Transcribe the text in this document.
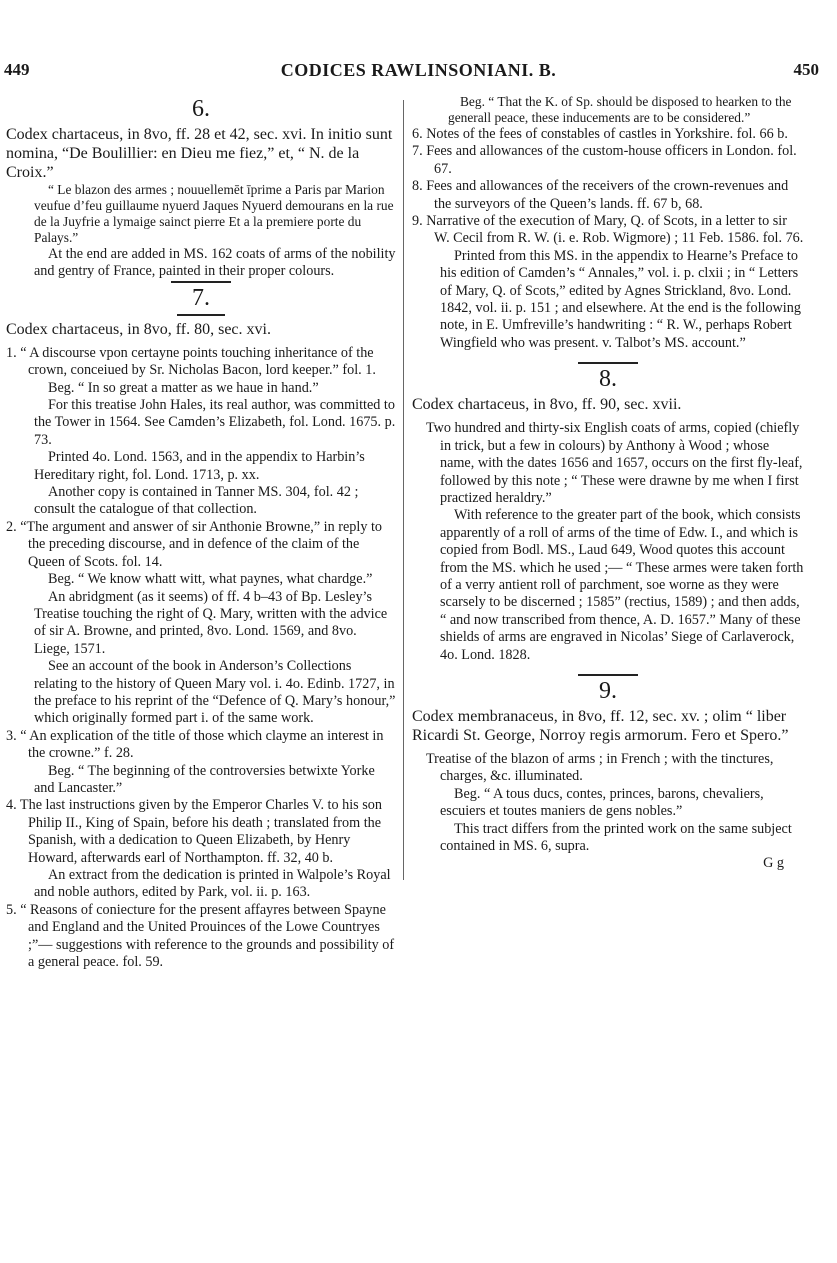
449	CODICES RAWLINSONIANI. B.	450
6.

Codex chartaceus, in 8vo, ff. 28 et 42, sec. xvi. In initio sunt nomina, “De Boulillier: en Dieu me fiez,” et, “ N. de la Croix.”

“ Le blazon des armes ; nouuellemēt īprime a Paris par Marion veufue d’feu guillaume nyuerd Jaques Nyuerd demourans en la rue de la Juyfrie a lymaige sainct pierre Et a la premiere porte du Palays.”

At the end are added in MS. 162 coats of arms of the nobility and gentry of France, painted in their proper colours.

7.

Codex chartaceus, in 8vo, ff. 80, sec. xvi.

1. “ A discourse vpon certayne points touching inheritance of the crown, conceiued by Sr. Nicholas Bacon, lord keeper.” fol. 1.

Beg. “ In so great a matter as we haue in hand.”

For this treatise John Hales, its real author, was committed to the Tower in 1564. See Camden’s Elizabeth, fol. Lond. 1675. p. 73.

Printed 4o. Lond. 1563, and in the appendix to Harbin’s Hereditary right, fol. Lond. 1713, p. xx.

Another copy is contained in Tanner MS. 304, fol. 42 ; consult the catalogue of that collection.

2. “The argument and answer of sir Anthonie Browne,” in reply to the preceding discourse, and in defence of the claim of the Queen of Scots. fol. 14.

Beg. “ We know whatt witt, what paynes, what chardge.”

An abridgment (as it seems) of ff. 4 b–43 of Bp. Lesley’s Treatise touching the right of Q. Mary, written with the advice of sir A. Browne, and printed, 8vo. Lond. 1569, and 8vo. Liege, 1571.

See an account of the book in Anderson’s Collections relating to the history of Queen Mary vol. i. 4o. Edinb. 1727, in the preface to his reprint of the “Defence of Q. Mary’s honour,” which originally formed part i. of the same work.

3. “ An explication of the title of those which clayme an interest in the crowne.” f. 28.

Beg. “ The beginning of the controversies betwixte Yorke and Lancaster.”

4. The last instructions given by the Emperor Charles V. to his son Philip II., King of Spain, before his death ; translated from the Spanish, with a dedication to Queen Elizabeth, by Henry Howard, afterwards earl of Northampton. ff. 32, 40 b.

An extract from the dedication is printed in Walpole’s Royal and noble authors, edited by Park, vol. ii. p. 163.

5. “ Reasons of coniecture for the present affayres between Spayne and England and the United Prouinces of the Lowe Countryes ;”— suggestions with reference to the grounds and possibility of a general peace. fol. 59.

Beg. “ That the K. of Sp. should be disposed to hearken to the generall peace, these inducements are to be considered.”

6. Notes of the fees of constables of castles in Yorkshire. fol. 66 b.

7. Fees and allowances of the custom-house officers in London. fol. 67.

8. Fees and allowances of the receivers of the crown-revenues and the surveyors of the Queen’s lands. ff. 67 b, 68.

9. Narrative of the execution of Mary, Q. of Scots, in a letter to sir W. Cecil from R. W. (i. e. Rob. Wigmore) ; 11 Feb. 1586. fol. 76.

Printed from this MS. in the appendix to Hearne’s Preface to his edition of Camden’s “ Annales,” vol. i. p. clxii ; in “ Letters of Mary, Q. of Scots,” edited by Agnes Strickland, 8vo. Lond. 1842, vol. ii. p. 151 ; and elsewhere. At the end is the following note, in E. Umfreville’s handwriting : “ R. W., perhaps Robert Wingfield who was present. v. Talbot’s MS. account.”

8.

Codex chartaceus, in 8vo, ff. 90, sec. xvii.

Two hundred and thirty-six English coats of arms, copied (chiefly in trick, but a few in colours) by Anthony à Wood ; whose name, with the dates 1656 and 1657, occurs on the first fly-leaf, followed by this note ; “ These were drawne by me when I first practized heraldry.”

With reference to the greater part of the book, which consists apparently of a roll of arms of the time of Edw. I., and which is copied from Bodl. MS., Laud 649, Wood quotes this account from the MS. which he used ;— “ These armes were taken forth of a verry antient roll of parchment, soe worne as they were scarsely to be discerned ; 1585” (rectius, 1589) ; and then adds, “ and now transcribed from thence, A. D. 1657.” Many of these shields of arms are engraved in Nicolas’ Siege of Carlaverock, 4o. Lond. 1828.

9.

Codex membranaceus, in 8vo, ff. 12, sec. xv. ; olim “ liber Ricardi St. George, Norroy regis armorum. Fero et Spero.”

Treatise of the blazon of arms ; in French ; with the tinctures, charges, &c. illuminated.

Beg. “ A tous ducs, contes, princes, barons, chevaliers, escuiers et toutes maniers de gens nobles.”

This tract differs from the printed work on the same subject contained in MS. 6, supra.

G g
